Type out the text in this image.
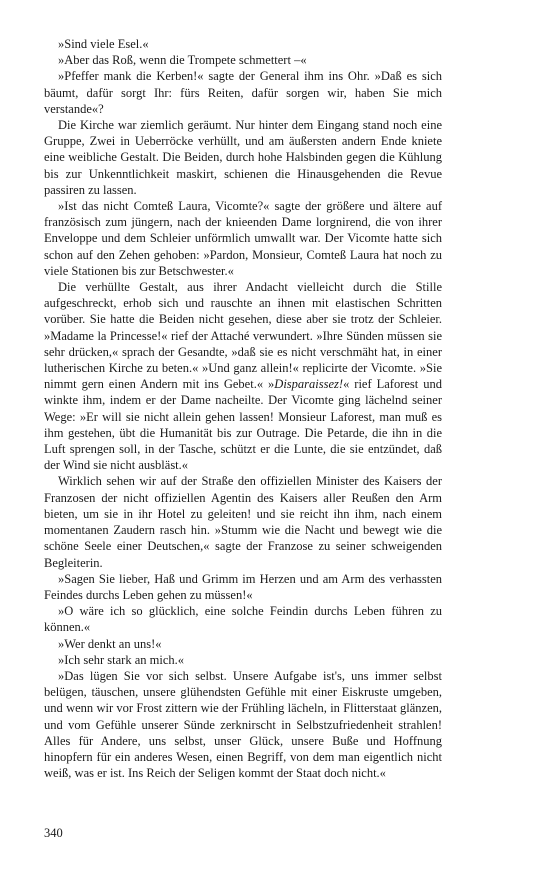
»Sind viele Esel.«

»Aber das Roß, wenn die Trompete schmettert –«

»Pfeffer mank die Kerben!« sagte der General ihm ins Ohr. »Daß es sich bäumt, dafür sorgt Ihr: fürs Reiten, dafür sorgen wir, haben Sie mich verstande«?

Die Kirche war ziemlich geräumt. Nur hinter dem Eingang stand noch eine Gruppe, Zwei in Ueberröcke verhüllt, und am äußersten andern Ende kniete eine weibliche Gestalt. Die Beiden, durch hohe Halsbinden gegen die Kühlung bis zur Unkenntlichkeit maskirt, schienen die Hinausgehenden die Revue passiren zu lassen.

»Ist das nicht Comteß Laura, Vicomte?« sagte der größere und ältere auf französisch zum jüngern, nach der knieenden Dame lorgnirend, die von ihrer Enveloppe und dem Schleier unförmlich umwallt war. Der Vicomte hatte sich schon auf den Zehen gehoben: »Pardon, Monsieur, Comteß Laura hat noch zu viele Stationen bis zur Betschwester.«

Die verhüllte Gestalt, aus ihrer Andacht vielleicht durch die Stille aufgeschreckt, erhob sich und rauschte an ihnen mit elastischen Schritten vorüber. Sie hatte die Beiden nicht gesehen, diese aber sie trotz der Schleier. »Madame la Princesse!« rief der Attaché verwundert. »Ihre Sünden müssen sie sehr drücken,« sprach der Gesandte, »daß sie es nicht verschmäht hat, in einer lutherischen Kirche zu beten.« »Und ganz allein!« replicirte der Vicomte. »Sie nimmt gern einen Andern mit ins Gebet.« »Disparaissez!« rief Laforest und winkte ihm, indem er der Dame nacheilte. Der Vicomte ging lächelnd seiner Wege: »Er will sie nicht allein gehen lassen! Monsieur Laforest, man muß es ihm gestehen, übt die Humanität bis zur Outrage. Die Petarde, die ihn in die Luft sprengen soll, in der Tasche, schützt er die Lunte, die sie entzündet, daß der Wind sie nicht ausbläst.«

Wirklich sehen wir auf der Straße den offiziellen Minister des Kaisers der Franzosen der nicht offiziellen Agentin des Kaisers aller Reußen den Arm bieten, um sie in ihr Hotel zu geleiten! und sie reicht ihn ihm, nach einem momentanen Zaudern rasch hin. »Stumm wie die Nacht und bewegt wie die schöne Seele einer Deutschen,« sagte der Franzose zu seiner schweigenden Begleiterin.

»Sagen Sie lieber, Haß und Grimm im Herzen und am Arm des verhassten Feindes durchs Leben gehen zu müssen!«

»O wäre ich so glücklich, eine solche Feindin durchs Leben führen zu können.«

»Wer denkt an uns!«

»Ich sehr stark an mich.«

»Das lügen Sie vor sich selbst. Unsere Aufgabe ist's, uns immer selbst belügen, täuschen, unsere glühendsten Gefühle mit einer Eiskruste umgeben, und wenn wir vor Frost zittern wie der Frühling lächeln, in Flitterstaat glänzen, und vom Gefühle unserer Sünde zerknirscht in Selbstzufriedenheit strahlen! Alles für Andere, uns selbst, unser Glück, unsere Buße und Hoffnung hinopfern für ein anderes Wesen, einen Begriff, von dem man eigentlich nicht weiß, was er ist. Ins Reich der Seligen kommt der Staat doch nicht.«

340
